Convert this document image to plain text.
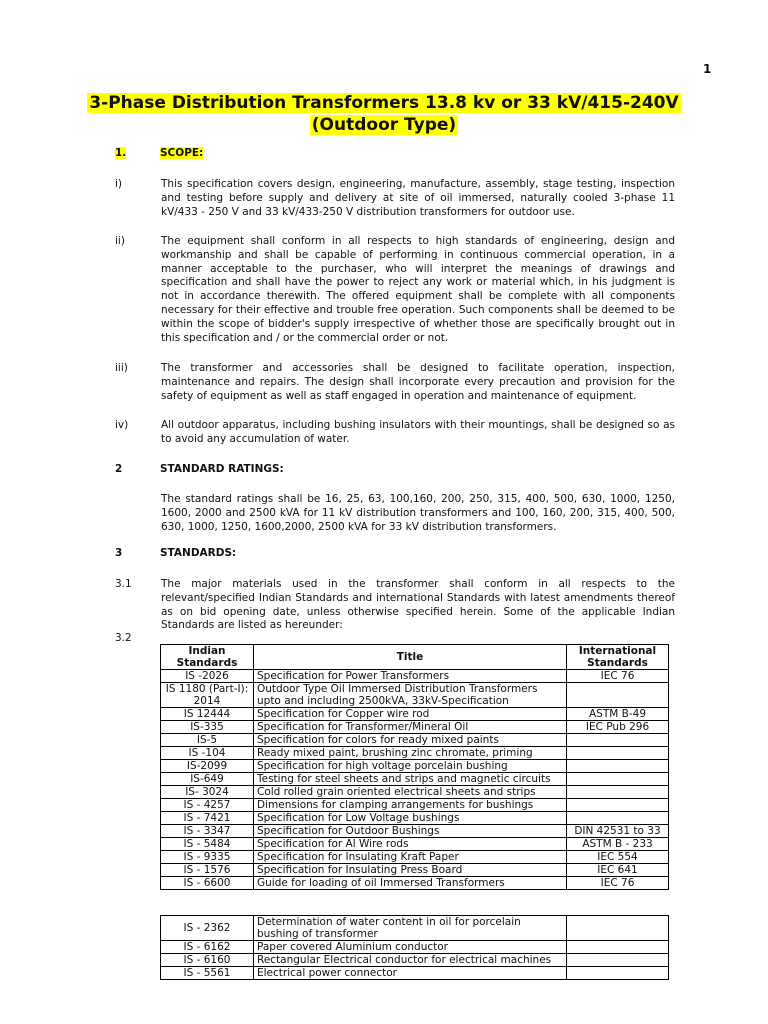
1
3-Phase Distribution Transformers 13.8 kv or 33 kV/415-240V
(Outdoor Type)
1.	SCOPE:
i)	This specification covers design, engineering, manufacture, assembly, stage testing, inspection and testing before supply and delivery at site of oil immersed, naturally cooled 3-phase 11 kV/433 - 250 V and 33 kV/433-250 V distribution transformers for outdoor use.
ii)	The equipment shall conform in all respects to high standards of engineering, design and workmanship and shall be capable of performing in continuous commercial operation, in a manner acceptable to the purchaser, who will interpret the meanings of drawings and specification and shall have the power to reject any work or material which, in his judgment is not in accordance therewith. The offered equipment shall be complete with all components necessary for their effective and trouble free operation. Such components shall be deemed to be within the scope of bidder's supply irrespective of whether those are specifically brought out in this specification and / or the commercial order or not.
iii)	The transformer and accessories shall be designed to facilitate operation, inspection, maintenance and repairs. The design shall incorporate every precaution and provision for the safety of equipment as well as staff engaged in operation and maintenance of equipment.
iv)	All outdoor apparatus, including bushing insulators with their mountings, shall be designed so as to avoid any accumulation of water.
2	STANDARD RATINGS:
The standard ratings shall be 16, 25, 63, 100,160, 200, 250, 315, 400, 500, 630, 1000, 1250, 1600, 2000 and 2500 kVA for 11 kV distribution transformers and 100, 160, 200, 315, 400, 500, 630, 1000, 1250, 1600,2000, 2500 kVA for 33 kV distribution transformers.
3	STANDARDS:
3.1	The major materials used in the transformer shall conform in all respects to the relevant/specified Indian Standards and international Standards with latest amendments thereof as on bid opening date, unless otherwise specified herein. Some of the applicable Indian Standards are listed as hereunder:
3.2
Indian Standards	Title	International Standards
IS -2026	Specification for Power Transformers	IEC 76
IS 1180 (Part-I): 2014	Outdoor Type Oil Immersed Distribution Transformers upto and including 2500kVA, 33kV-Specification	
IS 12444	Specification for Copper wire rod	ASTM B-49
IS-335	Specification for Transformer/Mineral Oil	IEC Pub 296
IS-5	Specification for colors for ready mixed paints	
IS -104	Ready mixed paint, brushing zinc chromate, priming	
IS-2099	Specification for high voltage porcelain bushing	
IS-649	Testing for steel sheets and strips and magnetic circuits	
IS- 3024	Cold rolled grain oriented electrical sheets and strips	
IS - 4257	Dimensions for clamping arrangements for bushings	
IS - 7421	Specification for Low Voltage bushings	
IS - 3347	Specification for Outdoor Bushings	DIN 42531 to 33
IS - 5484	Specification for Al Wire rods	ASTM B - 233
IS - 9335	Specification for Insulating Kraft Paper	IEC 554
IS - 1576	Specification for Insulating Press Board	IEC 641
IS - 6600	Guide for loading of oil Immersed Transformers	IEC 76
IS - 2362	Determination of water content in oil for porcelain bushing of transformer	
IS - 6162	Paper covered Aluminium conductor	
IS - 6160	Rectangular Electrical conductor for electrical machines	
IS - 5561	Electrical power connector	
